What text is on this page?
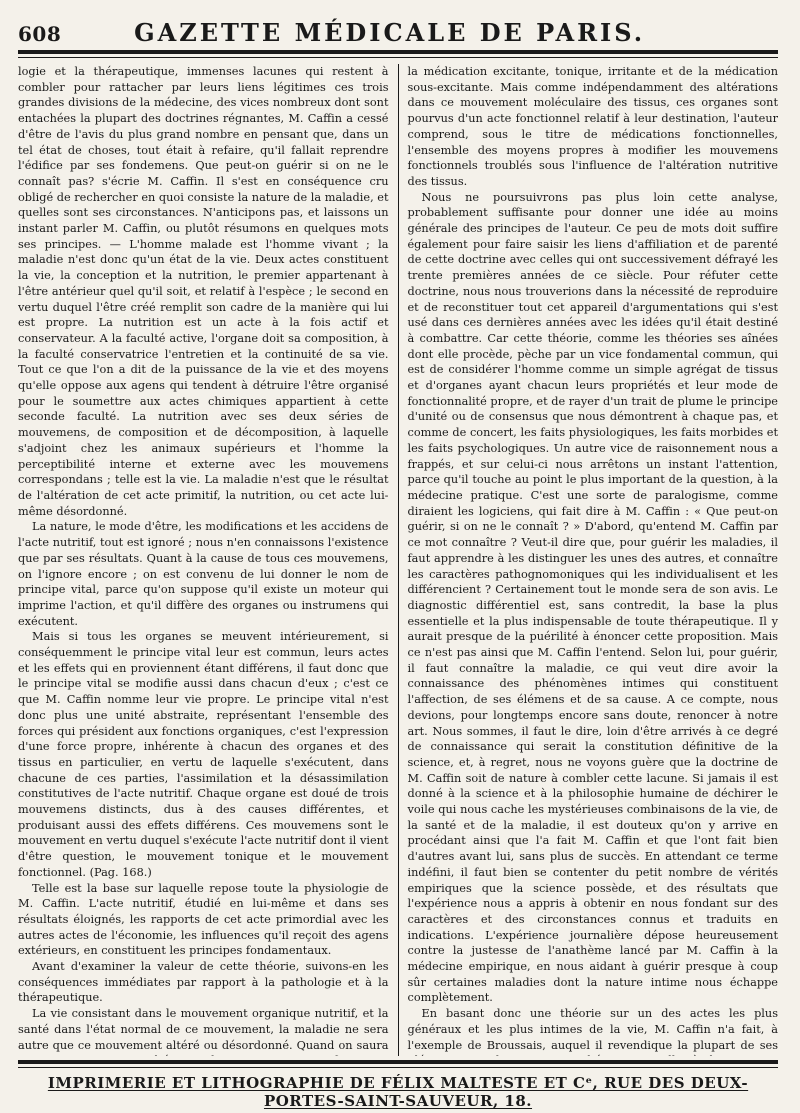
608	GAZETTE MÉDICALE DE PARIS.

logie et la thérapeutique, immenses lacunes qui restent à combler pour rattacher par leurs liens légitimes ces trois grandes divisions de la médecine, des vices nombreux dont sont entachées la plupart des doctrines régnantes, M. Caffin a cessé d'être de l'avis du plus grand nombre en pensant que, dans un tel état de choses, tout était à refaire, qu'il fallait reprendre l'édifice par ses fondemens. Que peut-on guérir si on ne le connaît pas? s'écrie M. Caffin. Il s'est en conséquence cru obligé de rechercher en quoi consiste la nature de la maladie, et quelles sont ses circonstances. N'anticipons pas, et laissons un instant parler M. Caffin, ou plutôt résumons en quelques mots ses principes. — L'homme malade est l'homme vivant ; la maladie n'est donc qu'un état de la vie. Deux actes constituent la vie, la conception et la nutrition, le premier appartenant à l'être antérieur quel qu'il soit, et relatif à l'espèce ; le second en vertu duquel l'être créé remplit son cadre de la manière qui lui est propre. La nutrition est un acte à la fois actif et conservateur. A la faculté active, l'organe doit sa composition, à la faculté conservatrice l'entretien et la continuité de sa vie. Tout ce que l'on a dit de la puissance de la vie et des moyens qu'elle oppose aux agens qui tendent à détruire l'être organisé pour le soumettre aux actes chimiques appartient à cette seconde faculté. La nutrition avec ses deux séries de mouvemens, de composition et de décomposition, à laquelle s'adjoint chez les animaux supérieurs et l'homme la perceptibilité interne et externe avec les mouvemens correspondans ; telle est la vie. La maladie n'est que le résultat de l'altération de cet acte primitif, la nutrition, ou cet acte lui-même désordonné.

La nature, le mode d'être, les modifications et les accidens de l'acte nutritif, tout est ignoré ; nous n'en connaissons l'existence que par ses résultats. Quant à la cause de tous ces mouvemens, on l'ignore encore ; on est convenu de lui donner le nom de principe vital, parce qu'on suppose qu'il existe un moteur qui imprime l'action, et qu'il diffère des organes ou instrumens qui exécutent.

Mais si tous les organes se meuvent intérieurement, si conséquemment le principe vital leur est commun, leurs actes et les effets qui en proviennent étant différens, il faut donc que le principe vital se modifie aussi dans chacun d'eux ; c'est ce que M. Caffin nomme leur vie propre. Le principe vital n'est donc plus une unité abstraite, représentant l'ensemble des forces qui président aux fonctions organiques, c'est l'expression d'une force propre, inhérente à chacun des organes et des tissus en particulier, en vertu de laquelle s'exécutent, dans chacune de ces parties, l'assimilation et la désassimilation constitutives de l'acte nutritif. Chaque organe est doué de trois mouvemens distincts, dus à des causes différentes, et produisant aussi des effets différens. Ces mouvemens sont le mouvement en vertu duquel s'exécute l'acte nutritif dont il vient d'être question, le mouvement tonique et le mouvement fonctionnel. (Pag. 168.)

Telle est la base sur laquelle repose toute la physiologie de M. Caffin. L'acte nutritif, étudié en lui-même et dans ses résultats éloignés, les rapports de cet acte primordial avec les autres actes de l'économie, les influences qu'il reçoit des agens extérieurs, en constituent les principes fondamentaux.

Avant d'examiner la valeur de cette théorie, suivons-en les conséquences immédiates par rapport à la pathologie et à la thérapeutique.

La vie consistant dans le mouvement organique nutritif, et la santé dans l'état normal de ce mouvement, la maladie ne sera autre que ce mouvement altéré ou désordonné. Quand on saura

la médication excitante, tonique, irritante et de la médication sous-excitante. Mais comme indépendamment des altérations dans ce mouvement moléculaire des tissus, ces organes sont pourvus d'un acte fonctionnel relatif à leur destination, l'auteur comprend, sous le titre de médications fonctionnelles, l'ensemble des moyens propres à modifier les mouvemens fonctionnels troublés sous l'influence de l'altération nutritive des tissus.

Nous ne poursuivrons pas plus loin cette analyse, probablement suffisante pour donner une idée au moins générale des principes de l'auteur. Ce peu de mots doit suffire également pour faire saisir les liens d'affiliation et de parenté de cette doctrine avec celles qui ont successivement défrayé les trente premières années de ce siècle. Pour réfuter cette doctrine, nous nous trouverions dans la nécessité de reproduire et de reconstituer tout cet appareil d'argumentations qui s'est usé dans ces dernières années avec les idées qu'il était destiné à combattre. Car cette théorie, comme les théories ses aînées dont elle procède, pèche par un vice fondamental commun, qui est de considérer l'homme comme un simple agrégat de tissus et d'organes ayant chacun leurs propriétés et leur mode de fonctionnalité propre, et de rayer d'un trait de plume le principe d'unité ou de consensus que nous démontrent à chaque pas, et comme de concert, les faits physiologiques, les faits morbides et les faits psychologiques. Un autre vice de raisonnement nous a frappés, et sur celui-ci nous arrêtons un instant l'attention, parce qu'il touche au point le plus important de la question, à la médecine pratique. C'est une sorte de paralogisme, comme diraient les logiciens, qui fait dire à M. Caffin : « Que peut-on guérir, si on ne le connaît ? » D'abord, qu'entend M. Caffin par ce mot connaître ? Veut-il dire que, pour guérir les maladies, il faut apprendre à les distinguer les unes des autres, et connaître les caractères pathognomoniques qui les individualisent et les différencient ? Certainement tout le monde sera de son avis. Le diagnostic différentiel est, sans contredit, la base la plus essentielle et la plus indispensable de toute thérapeutique. Il y aurait presque de la puérilité à énoncer cette proposition. Mais ce n'est pas ainsi que M. Caffin l'entend. Selon lui, pour guérir, il faut connaître la maladie, ce qui veut dire avoir la connaissance des phénomènes intimes qui constituent l'affection, de ses élémens et de sa cause. A ce compte, nous devions, pour longtemps encore sans doute, renoncer à notre art. Nous sommes, il faut le dire, loin d'être arrivés à ce degré de connaissance qui serait la constitution définitive de la science, et, à regret, nous ne voyons guère que la doctrine de M. Caffin soit de nature à combler cette lacune. Si jamais il est donné à la science et à la philosophie humaine de déchirer le voile qui nous cache les mystérieuses combinaisons de la vie, de la santé et de la maladie, il est douteux qu'on y arrive en procédant ainsi que l'a fait M. Caffin et que l'ont fait bien d'autres avant lui, sans plus de succès. En attendant ce terme indéfini, il faut bien se contenter du petit nombre de vérités empiriques que la science possède, et des résultats que l'expérience nous a appris à obtenir en nous fondant sur des caractères et des circonstances connus et traduits en indications. L'expérience journalière dépose heureusement contre la justesse de l'anathème lancé par M. Caffin à la médecine empirique, en nous aidant à guérir presque à coup sûr certaines maladies dont la nature intime nous échappe complètement.

En basant donc une théorie sur un des actes les plus généraux et les plus intimes de la vie, M. Caffin n'a fait, à l'exemple de Broussais, auquel il revendique la plupart de ses

IMPRIMERIE ET LITHOGRAPHIE DE FÉLIX MALTESTE ET Cᵉ, RUE DES DEUX-PORTES-SAINT-SAUVEUR, 18.
